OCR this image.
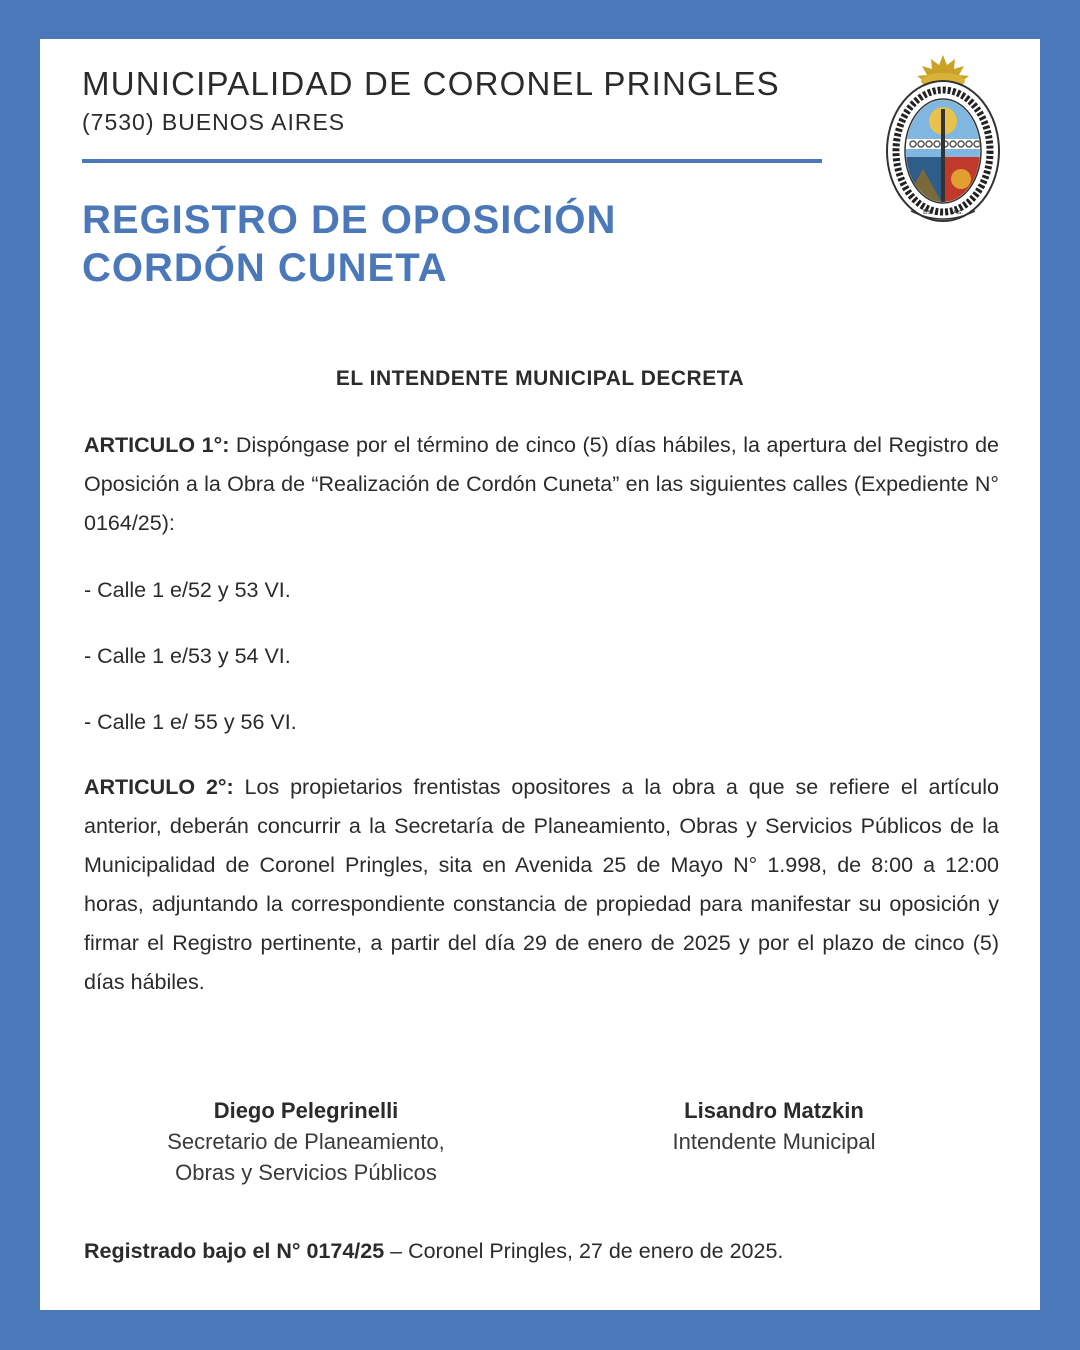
MUNICIPALIDAD DE CORONEL PRINGLES
(7530) BUENOS AIRES
REGISTRO DE OPOSICIÓN
CORDÓN CUNETA
Bs.	As.
EL INTENDENTE MUNICIPAL DECRETA
ARTICULO 1°: Dispóngase por el término de cinco (5) días hábiles, la apertura del Registro de Oposición a la Obra de “Realización de Cordón Cuneta” en las siguientes calles (Expediente N° 0164/25):
- Calle 1 e/52 y 53 VI.
- Calle 1 e/53 y 54 VI.
- Calle 1 e/ 55 y 56 VI.
ARTICULO 2°: Los propietarios frentistas opositores a la obra a que se refiere el artículo anterior, deberán concurrir a la Secretaría de Planeamiento, Obras y Servicios Públicos de la Municipalidad de Coronel Pringles, sita en Avenida 25 de Mayo N° 1.998, de 8:00 a 12:00 horas, adjuntando la correspondiente constancia de propiedad para manifestar su oposición y firmar el Registro pertinente, a partir del día 29 de enero de 2025 y por el plazo de cinco (5) días hábiles.
Diego Pelegrinelli
Secretario de Planeamiento,
Obras y Servicios Públicos
Lisandro Matzkin
Intendente Municipal
Registrado bajo el N° 0174/25 – Coronel Pringles, 27 de enero de 2025.
